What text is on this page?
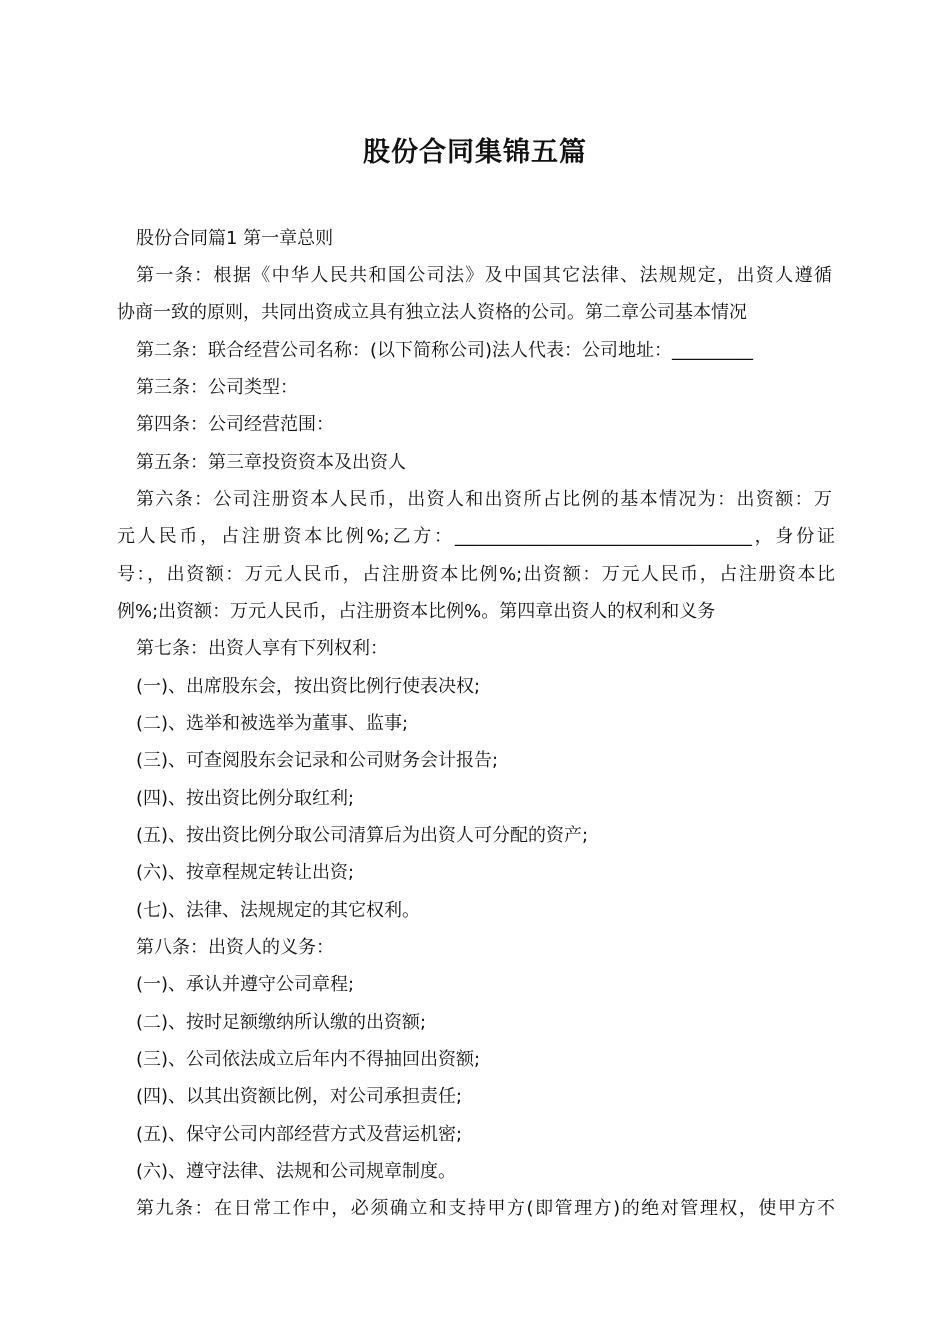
股份合同集锦五篇
股份合同篇1 第一章总则
第一条：根据《中华人民共和国公司法》及中国其它法律、法规规定，出资人遵循
协商一致的原则，共同出资成立具有独立法人资格的公司。第二章公司基本情况
第二条：联合经营公司名称：(以下简称公司)法人代表：公司地址：_________
第三条：公司类型：
第四条：公司经营范围：
第五条：第三章投资资本及出资人
第六条：公司注册资本人民币，出资人和出资所占比例的基本情况为：出资额：万
元人民币，占注册资本比例%;乙方：_________________________________，身份证
号：，出资额：万元人民币，占注册资本比例%;出资额：万元人民币，占注册资本比
例%;出资额：万元人民币，占注册资本比例%。第四章出资人的权利和义务
第七条：出资人享有下列权利：
(一)、出席股东会，按出资比例行使表决权;
(二)、选举和被选举为董事、监事;
(三)、可查阅股东会记录和公司财务会计报告;
(四)、按出资比例分取红利;
(五)、按出资比例分取公司清算后为出资人可分配的资产;
(六)、按章程规定转让出资;
(七)、法律、法规规定的其它权利。
第八条：出资人的义务：
(一)、承认并遵守公司章程;
(二)、按时足额缴纳所认缴的出资额;
(三)、公司依法成立后年内不得抽回出资额;
(四)、以其出资额比例，对公司承担责任;
(五)、保守公司内部经营方式及营运机密;
(六)、遵守法律、法规和公司规章制度。
第九条：在日常工作中，必须确立和支持甲方(即管理方)的绝对管理权，使甲方不
